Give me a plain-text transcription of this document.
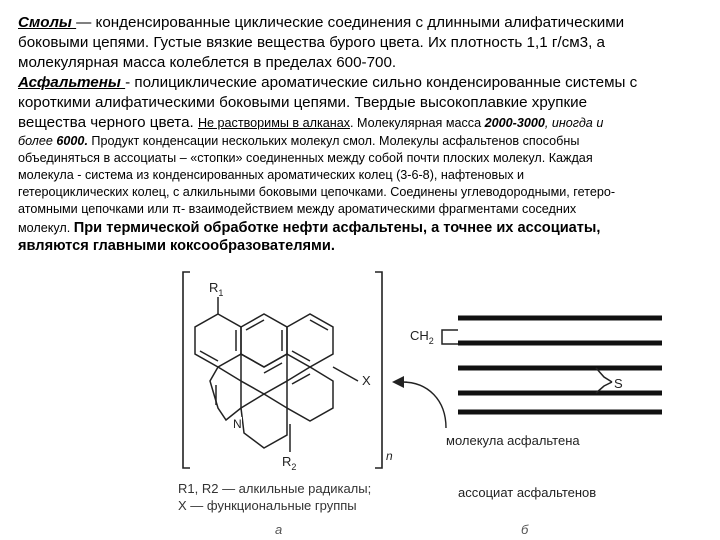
Смолы — конденсированные циклические соединения с длинными алифатическими
боковыми цепями. Густые вязкие вещества бурого цвета. Их плотность 1,1 г/см3, а
молекулярная масса колеблется в пределах 600-700.
Асфальтены - полициклические ароматические сильно конденсированные системы с
короткими алифатическими боковыми цепями. Твердые высокоплавкие хрупкие
вещества черного цвета. Не растворимы в алканах. Молекулярная масса 2000-3000, иногда и
более 6000. Продукт конденсации нескольких молекул смол. Молекулы асфальтенов способны
объединяться в ассоциаты – «стопки» соединенных между собой почти плоских молекул. Каждая
молекула - система из конденсированных ароматических колец (3-6-8), нафтеновых и
гетероциклических колец, с алкильными боковыми цепочками. Соединены углеводородными, гетеро-
атомными цепочками или π- взаимодействием между ароматическими фрагментами соседних
молекул. При термической обработке нефти асфальтены, а точнее их ассоциаты,
являются главными коксообразователями.
N
$R_1$
X
$R_2$
n
R1, R2 — алкильные радикалы;
X — функциональные группы
а
$CH_2$
S
молекула асфальтена
ассоциат асфальтенов
б
